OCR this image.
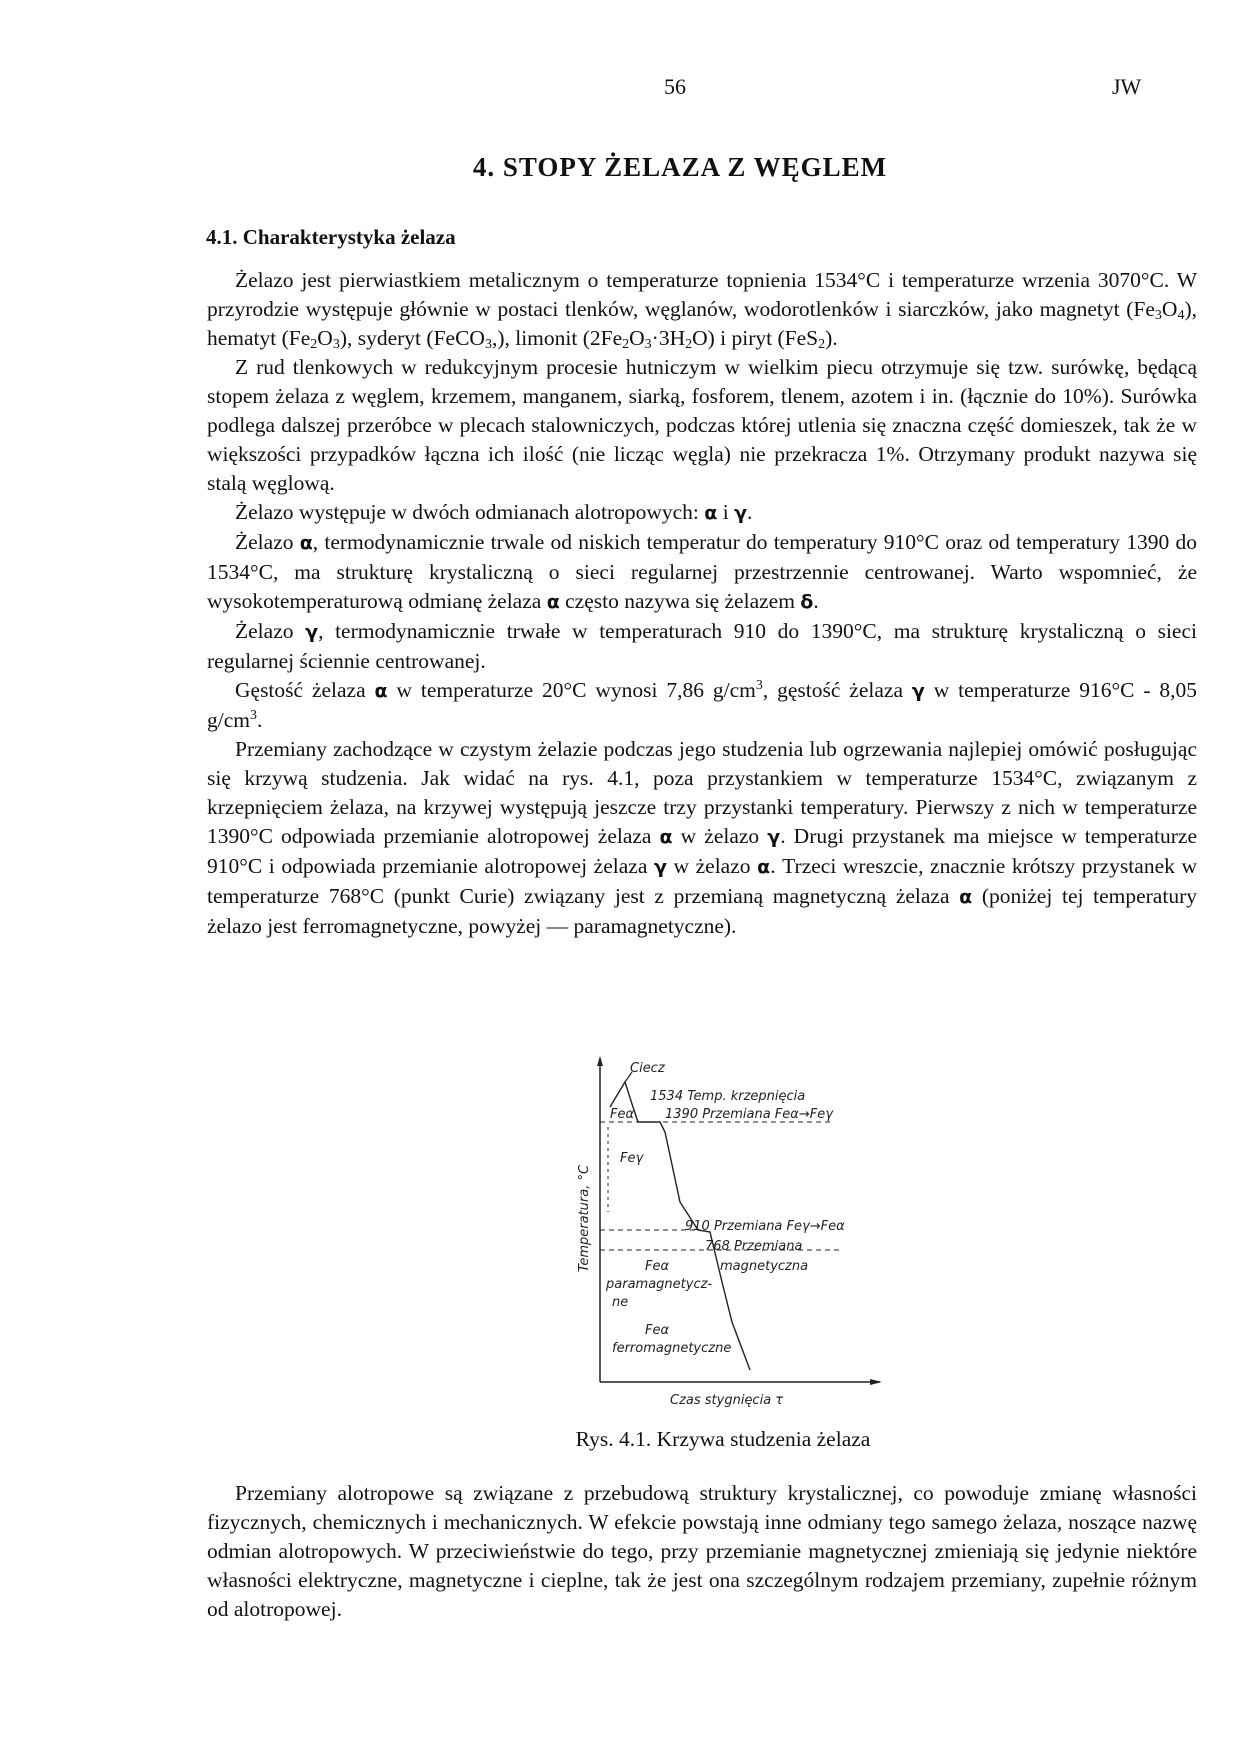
56	JW
4. STOPY ŻELAZA Z WĘGLEM
4.1. Charakterystyka żelaza

Żelazo jest pierwiastkiem metalicznym o temperaturze topnienia 1534°C i temperaturze wrzenia 3070°C. W przyrodzie występuje głównie w postaci tlenków, węglanów, wodorotlenków i siarczków, jako magnetyt $(Fe_3O_4)$, hematyt $(Fe_2O_3)$, syderyt (FeCO$_3$,), limonit $(2Fe_2O_3\cdot 3H_2O)$ i piryt (FeS$_2$).

Z rud tlenkowych w redukcyjnym procesie hutniczym w wielkim piecu otrzymuje się tzw. surówkę, będącą stopem żelaza z węglem, krzemem, manganem, siarką, fosforem, tlenem, azotem i in. (łącznie do 10%). Surówka podlega dalszej przeróbce w plecach stalowniczych, podczas której utlenia się znaczna część domieszek, tak że w większości przypadków łączna ich ilość (nie licząc węgla) nie przekracza 1%. Otrzymany produkt nazywa się stalą węglową.

Żelazo występuje w dwóch odmianach alotropowych: α i γ.

Żelazo α, termodynamicznie trwale od niskich temperatur do temperatury 910°C oraz od temperatury 1390 do 1534°C, ma strukturę krystaliczną o sieci regularnej przestrzennie centrowanej. Warto wspomnieć, że wysokotemperaturową odmianę żelaza α często nazywa się żelazem δ.

Żelazo γ, termodynamicznie trwałe w temperaturach 910 do 1390°C, ma strukturę krystaliczną o sieci regularnej ściennie centrowanej.

Gęstość żelaza α w temperaturze 20°C wynosi 7,86 $g/cm^3$, gęstość żelaza γ w temperaturze 916°C - 8,05 $g/cm^3$.

Przemiany zachodzące w czystym żelazie podczas jego studzenia lub ogrzewania najlepiej omówić posługując się krzywą studzenia. Jak widać na rys. 4.1, poza przystankiem w temperaturze 1534°C, związanym z krzepnięciem żelaza, na krzywej występują jeszcze trzy przystanki temperatury. Pierwszy z nich w temperaturze 1390°C odpowiada przemianie alotropowej żelaza α w żelazo γ. Drugi przystanek ma miejsce w temperaturze 910°C i odpowiada przemianie alotropowej żelaza γ w żelazo α. Trzeci wreszcie, znacznie krótszy przystanek w temperaturze 768°C (punkt Curie) związany jest z przemianą magnetyczną żelaza α (poniżej tej temperatury żelazo jest ferromagnetyczne, powyżej — paramagnetyczne).

Temperatura, °C
Czas stygnięcia τ
Ciecz
1534 Temp. krzepnięcia
Feα 1390 Przemiana Feα→Feγ
Feγ
910 Przemiana Feγ→Feα
768 Przemiana
magnetyczna
Feα
paramagnetycz-
ne
Feα
ferromagnetyczne
Rys. 4.1. Krzywa studzenia żelaza

Przemiany alotropowe są związane z przebudową struktury krystalicznej, co powoduje zmianę własności fizycznych, chemicznych i mechanicznych. W efekcie powstają inne odmiany tego samego żelaza, noszące nazwę odmian alotropowych. W przeciwieństwie do tego, przy przemianie magnetycznej zmieniają się jedynie niektóre własności elektryczne, magnetyczne i cieplne, tak że jest ona szczególnym rodzajem przemiany, zupełnie różnym od alotropowej.
